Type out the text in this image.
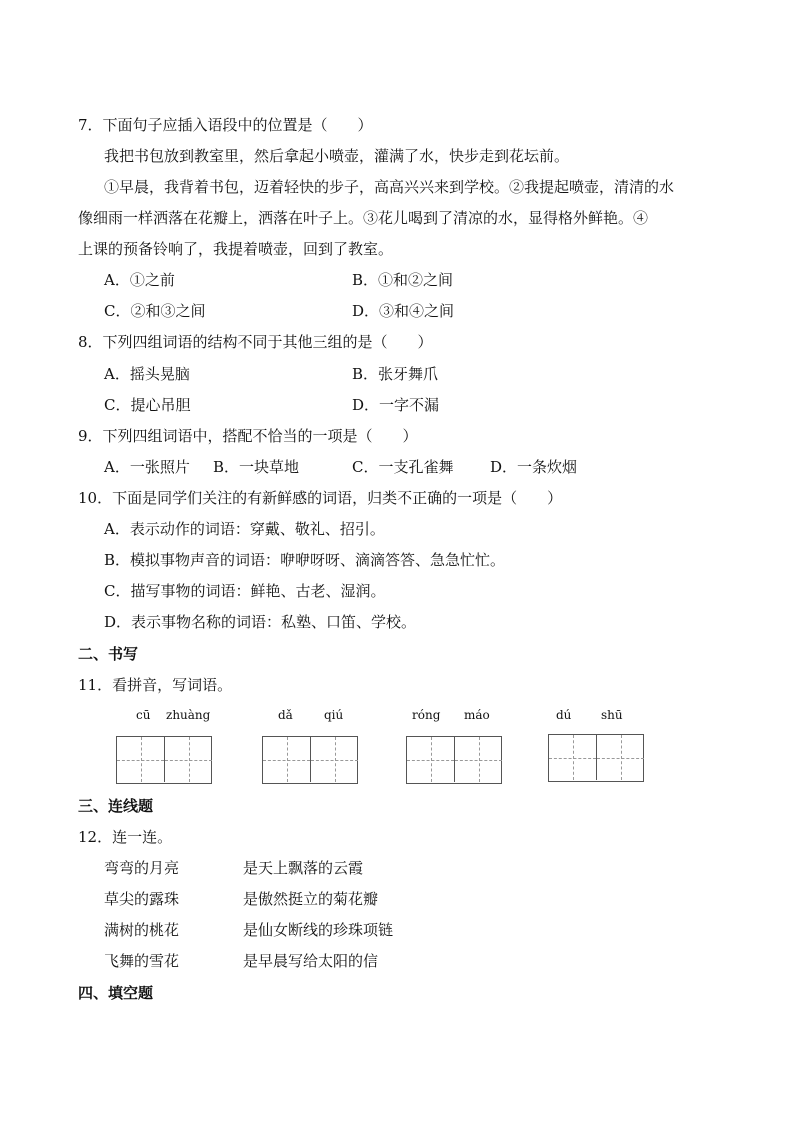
7．下面句子应插入语段中的位置是（　　）
我把书包放到教室里，然后拿起小喷壶，灌满了水，快步走到花坛前。
①早晨，我背着书包，迈着轻快的步子，高高兴兴来到学校。②我提起喷壶，清清的水
像细雨一样洒落在花瓣上，洒落在叶子上。③花儿喝到了清凉的水，显得格外鲜艳。④
上课的预备铃响了，我提着喷壶，回到了教室。
A．①之前	B．①和②之间
C．②和③之间	D．③和④之间
8．下列四组词语的结构不同于其他三组的是（　　）
A．摇头晃脑	B．张牙舞爪
C．提心吊胆	D．一字不漏
9．下列四组词语中，搭配不恰当的一项是（　　）
A．一张照片 B．一块草地	C．一支孔雀舞 D．一条炊烟
10．下面是同学们关注的有新鲜感的词语，归类不正确的一项是（　　）
A．表示动作的词语：穿戴、敬礼、招引。
B．模拟事物声音的词语：咿咿呀呀、滴滴答答、急急忙忙。
C．描写事物的词语：鲜艳、古老、湿润。
D．表示事物名称的词语：私塾、口笛、学校。
二、书写
11．看拼音，写词语。
cū zhuàng	dǎ	qiú	róng máo	dú shū
三、连线题
12．连一连。
弯弯的月亮	是天上飘落的云霞
草尖的露珠	是傲然挺立的菊花瓣
满树的桃花	是仙女断线的珍珠项链
飞舞的雪花	是早晨写给太阳的信
四、填空题
